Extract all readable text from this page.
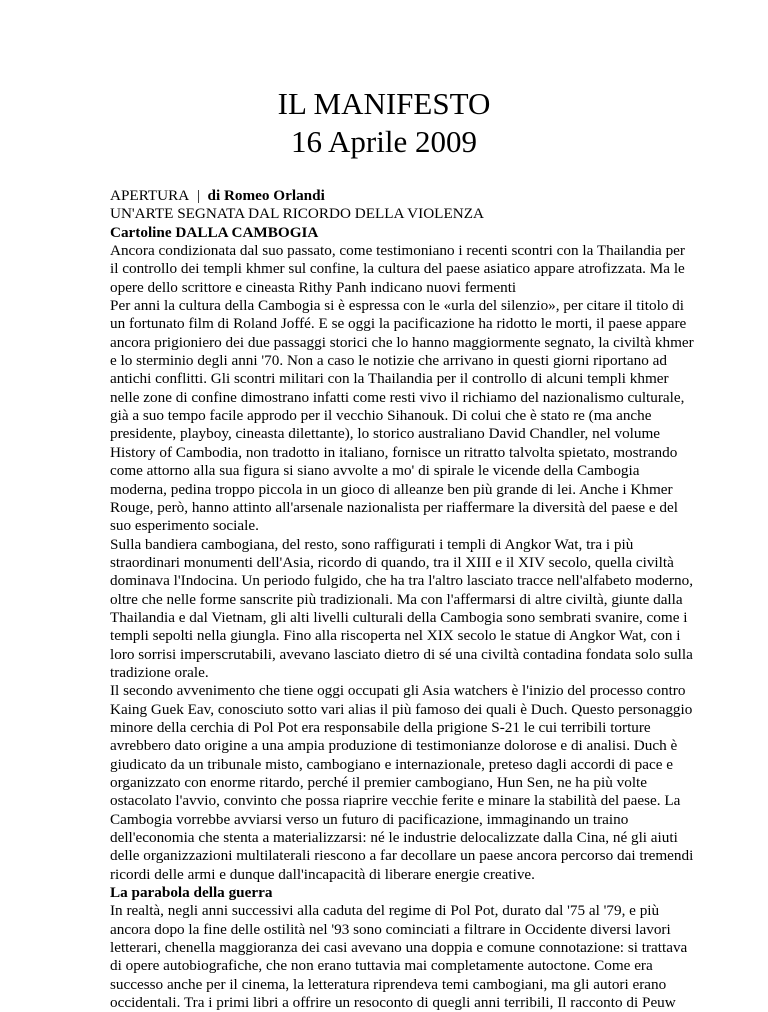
IL MANIFESTO
16 Aprile 2009
APERTURA  |  di Romeo Orlandi
UN'ARTE SEGNATA DAL RICORDO DELLA VIOLENZA
Cartoline DALLA CAMBOGIA
Ancora condizionata dal suo passato, come testimoniano i recenti scontri con la Thailandia per
il controllo dei templi khmer sul confine, la cultura del paese asiatico appare atrofizzata. Ma le
opere dello scrittore e cineasta Rithy Panh indicano nuovi fermenti
Per anni la cultura della Cambogia si è espressa con le «urla del silenzio», per citare il titolo di
un fortunato film di Roland Joffé. E se oggi la pacificazione ha ridotto le morti, il paese appare
ancora prigioniero dei due passaggi storici che lo hanno maggiormente segnato, la civiltà khmer
e lo sterminio degli anni '70. Non a caso le notizie che arrivano in questi giorni riportano ad
antichi conflitti. Gli scontri militari con la Thailandia per il controllo di alcuni templi khmer
nelle zone di confine dimostrano infatti come resti vivo il richiamo del nazionalismo culturale,
già a suo tempo facile approdo per il vecchio Sihanouk. Di colui che è stato re (ma anche
presidente, playboy, cineasta dilettante), lo storico australiano David Chandler, nel volume
History of Cambodia, non tradotto in italiano, fornisce un ritratto talvolta spietato, mostrando
come attorno alla sua figura si siano avvolte a mo' di spirale le vicende della Cambogia
moderna, pedina troppo piccola in un gioco di alleanze ben più grande di lei. Anche i Khmer
Rouge, però, hanno attinto all'arsenale nazionalista per riaffermare la diversità del paese e del
suo esperimento sociale.
Sulla bandiera cambogiana, del resto, sono raffigurati i templi di Angkor Wat, tra i più
straordinari monumenti dell'Asia, ricordo di quando, tra il XIII e il XIV secolo, quella civiltà
dominava l'Indocina. Un periodo fulgido, che ha tra l'altro lasciato tracce nell'alfabeto moderno,
oltre che nelle forme sanscrite più tradizionali. Ma con l'affermarsi di altre civiltà, giunte dalla
Thailandia e dal Vietnam, gli alti livelli culturali della Cambogia sono sembrati svanire, come i
templi sepolti nella giungla. Fino alla riscoperta nel XIX secolo le statue di Angkor Wat, con i
loro sorrisi imperscrutabili, avevano lasciato dietro di sé una civiltà contadina fondata solo sulla
tradizione orale.
Il secondo avvenimento che tiene oggi occupati gli Asia watchers è l'inizio del processo contro
Kaing Guek Eav, conosciuto sotto vari alias il più famoso dei quali è Duch. Questo personaggio
minore della cerchia di Pol Pot era responsabile della prigione S-21 le cui terribili torture
avrebbero dato origine a una ampia produzione di testimonianze dolorose e di analisi. Duch è
giudicato da un tribunale misto, cambogiano e internazionale, preteso dagli accordi di pace e
organizzato con enorme ritardo, perché il premier cambogiano, Hun Sen, ne ha più volte
ostacolato l'avvio, convinto che possa riaprire vecchie ferite e minare la stabilità del paese. La
Cambogia vorrebbe avviarsi verso un futuro di pacificazione, immaginando un traino
dell'economia che stenta a materializzarsi: né le industrie delocalizzate dalla Cina, né gli aiuti
delle organizzazioni multilaterali riescono a far decollare un paese ancora percorso dai tremendi
ricordi delle armi e dunque dall'incapacità di liberare energie creative.
La parabola della guerra
In realtà, negli anni successivi alla caduta del regime di Pol Pot, durato dal '75 al '79, e più
ancora dopo la fine delle ostilità nel '93 sono cominciati a filtrare in Occidente diversi lavori
letterari, chenella maggioranza dei casi avevano una doppia e comune connotazione: si trattava
di opere autobiografiche, che non erano tuttavia mai completamente autoctone. Come era
successo anche per il cinema, la letteratura riprendeva temi cambogiani, ma gli autori erano
occidentali. Tra i primi libri a offrire un resoconto di quegli anni terribili, Il racconto di Peuw
